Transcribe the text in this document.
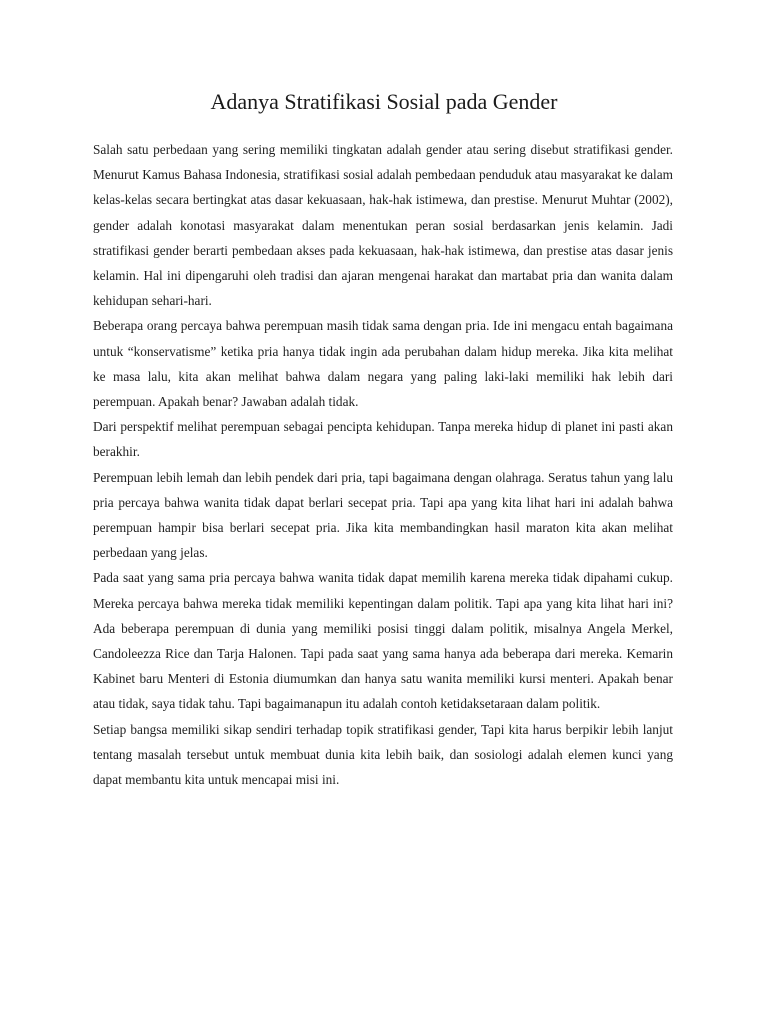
Adanya Stratifikasi Sosial pada Gender

Salah satu perbedaan yang sering memiliki tingkatan adalah gender atau sering disebut stratifikasi gender. Menurut Kamus Bahasa Indonesia, stratifikasi sosial adalah pembedaan penduduk atau masyarakat ke dalam kelas-kelas secara bertingkat atas dasar kekuasaan, hak-hak istimewa, dan prestise. Menurut Muhtar (2002), gender adalah konotasi masyarakat dalam menentukan peran sosial berdasarkan jenis kelamin. Jadi stratifikasi gender berarti pembedaan akses pada kekuasaan, hak-hak istimewa, dan prestise atas dasar jenis kelamin. Hal ini dipengaruhi oleh tradisi dan ajaran mengenai harakat dan martabat pria dan wanita dalam kehidupan sehari-hari.

Beberapa orang percaya bahwa perempuan masih tidak sama dengan pria. Ide ini mengacu entah bagaimana untuk “konservatisme” ketika pria hanya tidak ingin ada perubahan dalam hidup mereka. Jika kita melihat ke masa lalu, kita akan melihat bahwa dalam negara yang paling laki-laki memiliki hak lebih dari perempuan. Apakah benar? Jawaban adalah tidak.

Dari perspektif melihat perempuan sebagai pencipta kehidupan. Tanpa mereka hidup di planet ini pasti akan berakhir.

Perempuan lebih lemah dan lebih pendek dari pria, tapi bagaimana dengan olahraga. Seratus tahun yang lalu pria percaya bahwa wanita tidak dapat berlari secepat pria. Tapi apa yang kita lihat hari ini adalah bahwa perempuan hampir bisa berlari secepat pria. Jika kita membandingkan hasil maraton kita akan melihat perbedaan yang jelas.

Pada saat yang sama pria percaya bahwa wanita tidak dapat memilih karena mereka tidak dipahami cukup. Mereka percaya bahwa mereka tidak memiliki kepentingan dalam politik. Tapi apa yang kita lihat hari ini? Ada beberapa perempuan di dunia yang memiliki posisi tinggi dalam politik, misalnya Angela Merkel, Candoleezza Rice dan Tarja Halonen. Tapi pada saat yang sama hanya ada beberapa dari mereka. Kemarin Kabinet baru Menteri di Estonia diumumkan dan hanya satu wanita memiliki kursi menteri. Apakah benar atau tidak, saya tidak tahu. Tapi bagaimanapun itu adalah contoh ketidaksetaraan dalam politik.

Setiap bangsa memiliki sikap sendiri terhadap topik stratifikasi gender, Tapi kita harus berpikir lebih lanjut tentang masalah tersebut untuk membuat dunia kita lebih baik, dan sosiologi adalah elemen kunci yang dapat membantu kita untuk mencapai misi ini.
